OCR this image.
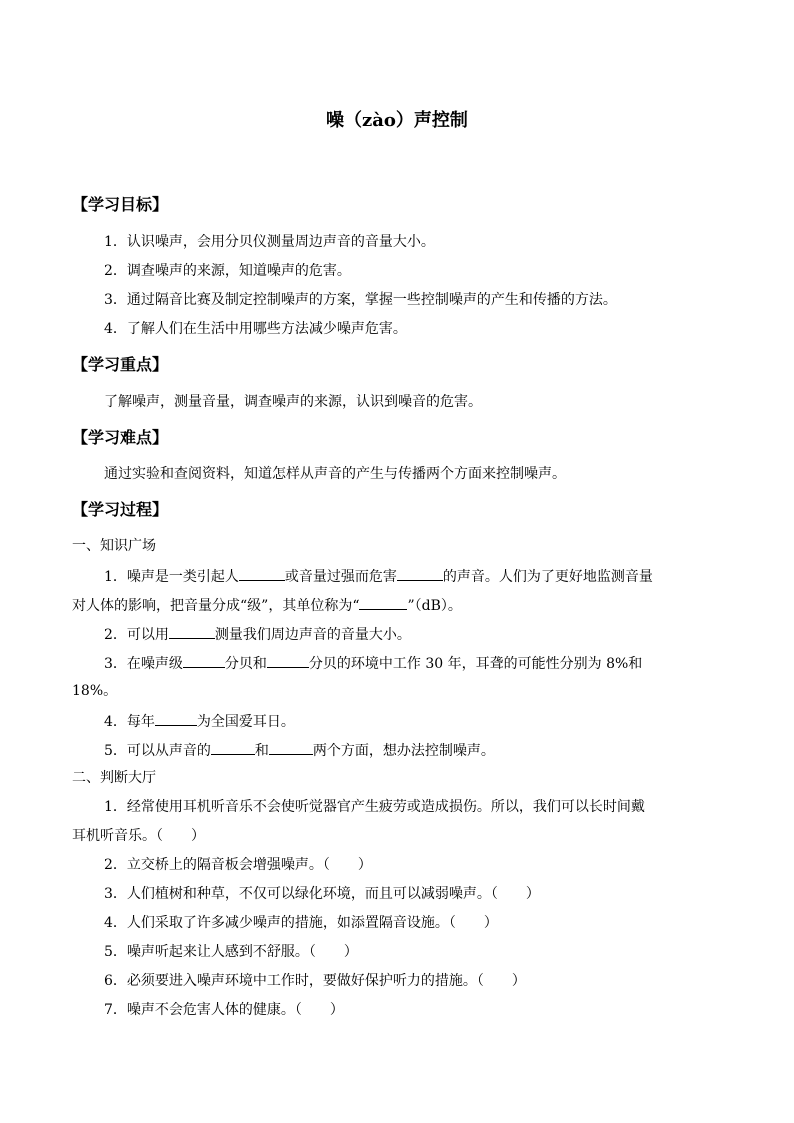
噪（zào）声控制
【学习目标】
1．认识噪声，会用分贝仪测量周边声音的音量大小。
2．调查噪声的来源，知道噪声的危害。
3．通过隔音比赛及制定控制噪声的方案，掌握一些控制噪声的产生和传播的方法。
4．了解人们在生活中用哪些方法减少噪声危害。
【学习重点】
了解噪声，测量音量，调查噪声的来源，认识到噪音的危害。
【学习难点】
通过实验和查阅资料，知道怎样从声音的产生与传播两个方面来控制噪声。
【学习过程】
一、知识广场
1．噪声是一类引起人	或音量过强而危害	的声音。人们为了更好地监测音量
对人体的影响，把音量分成“级”，其单位称为“	”（dB）。
2．可以用	测量我们周边声音的音量大小。
3．在噪声级	分贝和	分贝的环境中工作 30 年，耳聋的可能性分别为 8%和
18%。
4．每年	为全国爱耳日。
5．可以从声音的	和	两个方面，想办法控制噪声。
二、判断大厅
1．经常使用耳机听音乐不会使听觉器官产生疲劳或造成损伤。所以，我们可以长时间戴
耳机听音乐。（　　）
2．立交桥上的隔音板会增强噪声。（　　）
3．人们植树和种草，不仅可以绿化环境，而且可以减弱噪声。（　　）
4．人们采取了许多减少噪声的措施，如添置隔音设施。（　　）
5．噪声听起来让人感到不舒服。（　　）
6．必须要进入噪声环境中工作时，要做好保护听力的措施。（　　）
7．噪声不会危害人体的健康。（　　）
